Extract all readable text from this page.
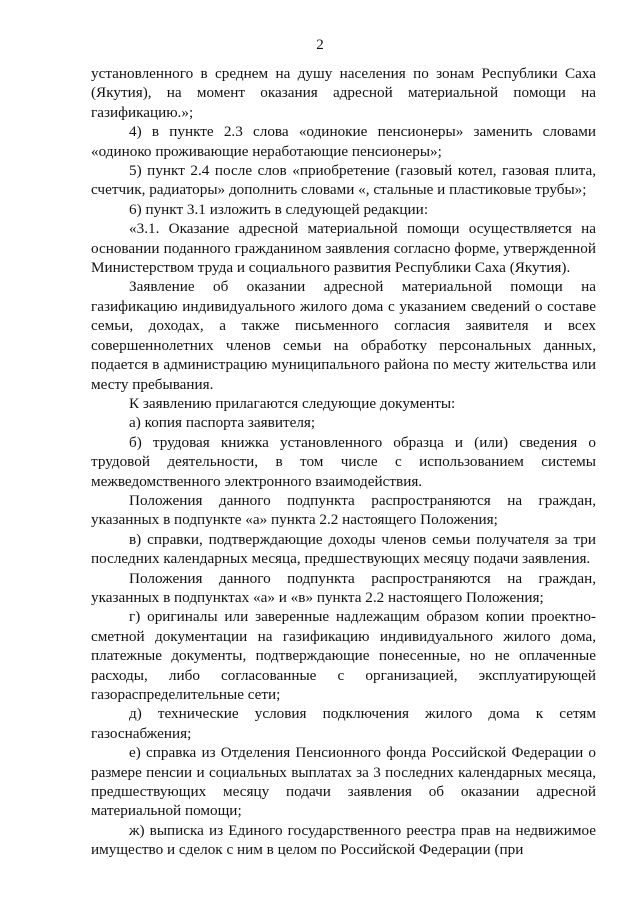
2

установленного в среднем на душу населения по зонам Республики Саха (Якутия), на момент оказания адресной материальной помощи на газификацию.»;

4) в пункте 2.3 слова «одинокие пенсионеры» заменить словами «одиноко проживающие неработающие пенсионеры»;

5) пункт 2.4 после слов «приобретение (газовый котел, газовая плита, счетчик, радиаторы» дополнить словами «, стальные и пластиковые трубы»;

6) пункт 3.1 изложить в следующей редакции:

«3.1. Оказание адресной материальной помощи осуществляется на основании поданного гражданином заявления согласно форме, утвержденной Министерством труда и социального развития Республики Саха (Якутия).

Заявление об оказании адресной материальной помощи на газификацию индивидуального жилого дома с указанием сведений о составе семьи, доходах, а также письменного согласия заявителя и всех совершеннолетних членов семьи на обработку персональных данных, подается в администрацию муниципального района по месту жительства или месту пребывания.

К заявлению прилагаются следующие документы:

а) копия паспорта заявителя;

б) трудовая книжка установленного образца и (или) сведения о трудовой деятельности, в том числе с использованием системы межведомственного электронного взаимодействия.

Положения данного подпункта распространяются на граждан, указанных в подпункте «а» пункта 2.2 настоящего Положения;

в) справки, подтверждающие доходы членов семьи получателя за три последних календарных месяца, предшествующих месяцу подачи заявления.

Положения данного подпункта распространяются на граждан, указанных в подпунктах «а» и «в» пункта 2.2 настоящего Положения;

г) оригиналы или заверенные надлежащим образом копии проектно-сметной документации на газификацию индивидуального жилого дома, платежные документы, подтверждающие понесенные, но не оплаченные расходы, либо согласованные с организацией, эксплуатирующей газораспределительные сети;

д) технические условия подключения жилого дома к сетям газоснабжения;

е) справка из Отделения Пенсионного фонда Российской Федерации о размере пенсии и социальных выплатах за 3 последних календарных месяца, предшествующих месяцу подачи заявления об оказании адресной материальной помощи;

ж) выписка из Единого государственного реестра прав на недвижимое имущество и сделок с ним в целом по Российской Федерации (при
